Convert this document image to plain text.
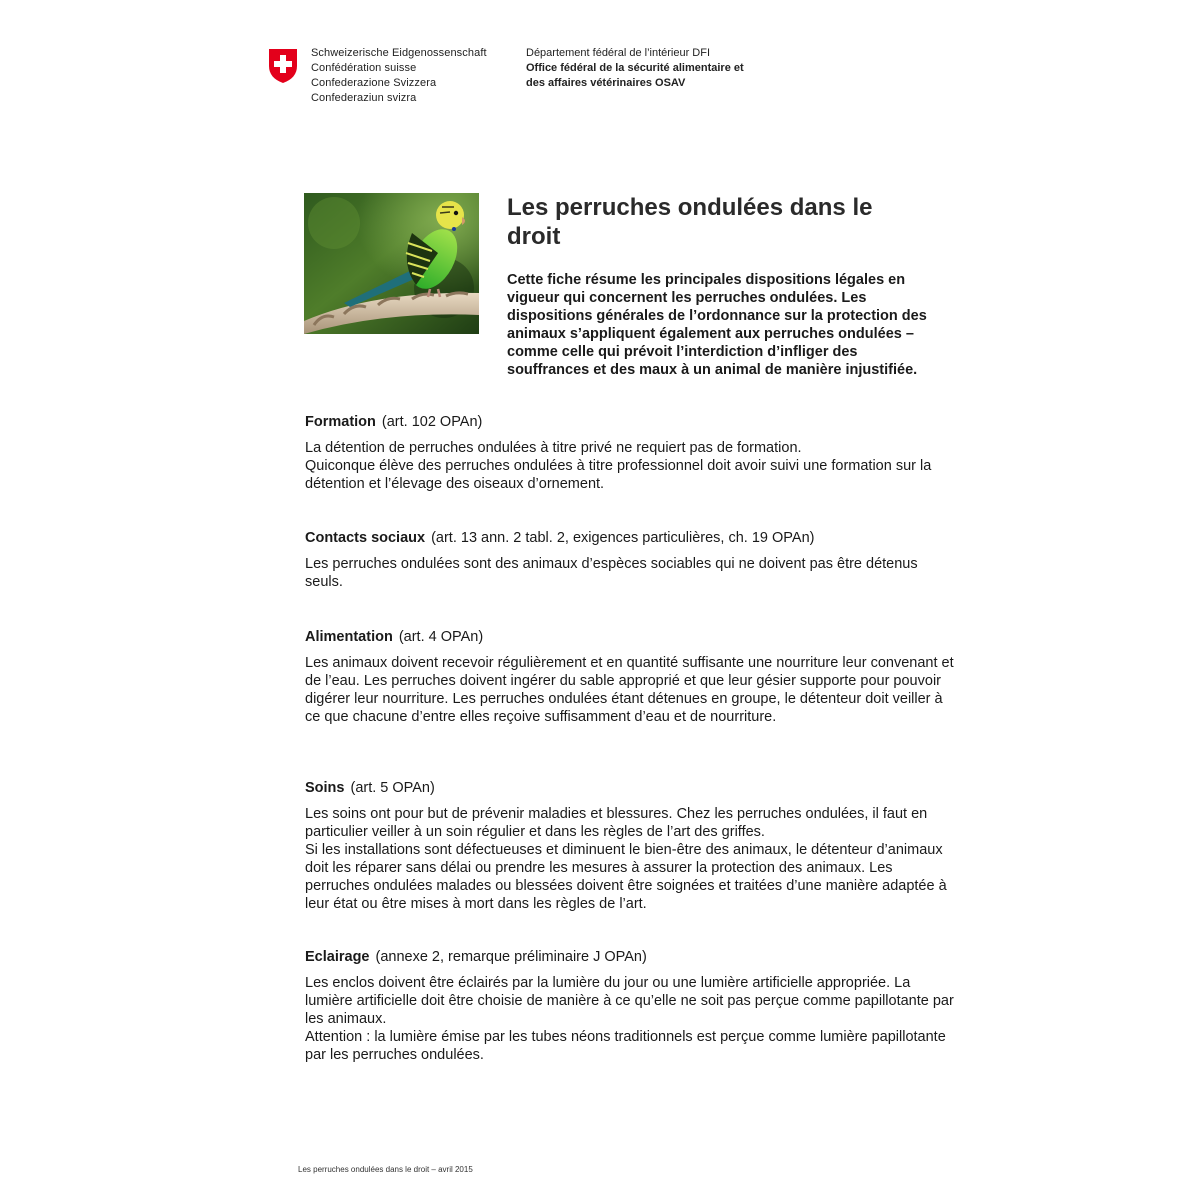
Schweizerische Eidgenossenschaft
Confédération suisse
Confederazione Svizzera
Confederaziun svizra
Département fédéral de l’intérieur DFI
Office fédéral de la sécurité alimentaire et
des affaires vétérinaires OSAV
Les perruches ondulées dans le droit

Cette fiche résume les principales dispositions légales en vigueur qui concernent les perruches ondulées. Les dispositions générales de l’ordonnance sur la protection des animaux s’appliquent également aux perruches ondulées – comme celle qui prévoit l’interdiction d’infliger des souffrances et des maux à un animal de manière injustifiée.

Formation (art. 102 OPAn)

La détention de perruches ondulées à titre privé ne requiert pas de formation.
Quiconque élève des perruches ondulées à titre professionnel doit avoir suivi une formation sur la détention et l’élevage des oiseaux d’ornement.

Contacts sociaux (art. 13 ann. 2 tabl. 2, exigences particulières, ch. 19 OPAn)

Les perruches ondulées sont des animaux d’espèces sociables qui ne doivent pas être détenus seuls.

Alimentation (art. 4 OPAn)

Les animaux doivent recevoir régulièrement et en quantité suffisante une nourriture leur convenant et de l’eau. Les perruches doivent ingérer du sable approprié et que leur gésier supporte pour pouvoir digérer leur nourriture. Les perruches ondulées étant détenues en groupe, le détenteur doit veiller à ce que chacune d’entre elles reçoive suffisamment d’eau et de nourriture.

Soins (art. 5 OPAn)

Les soins ont pour but de prévenir maladies et blessures. Chez les perruches ondulées, il faut en particulier veiller à un soin régulier et dans les règles de l’art des griffes.
Si les installations sont défectueuses et diminuent le bien-être des animaux, le détenteur d’animaux doit les réparer sans délai ou prendre les mesures à assurer la protection des animaux. Les perruches ondulées malades ou blessées doivent être soignées et traitées d’une manière adaptée à leur état ou être mises à mort dans les règles de l’art.

Eclairage (annexe 2, remarque préliminaire J OPAn)

Les enclos doivent être éclairés par la lumière du jour ou une lumière artificielle appropriée. La lumière artificielle doit être choisie de manière à ce qu’elle ne soit pas perçue comme papillotante par les animaux.
Attention : la lumière émise par les tubes néons traditionnels est perçue comme lumière papillotante par les perruches ondulées.

Les perruches ondulées dans le droit – avril 2015
